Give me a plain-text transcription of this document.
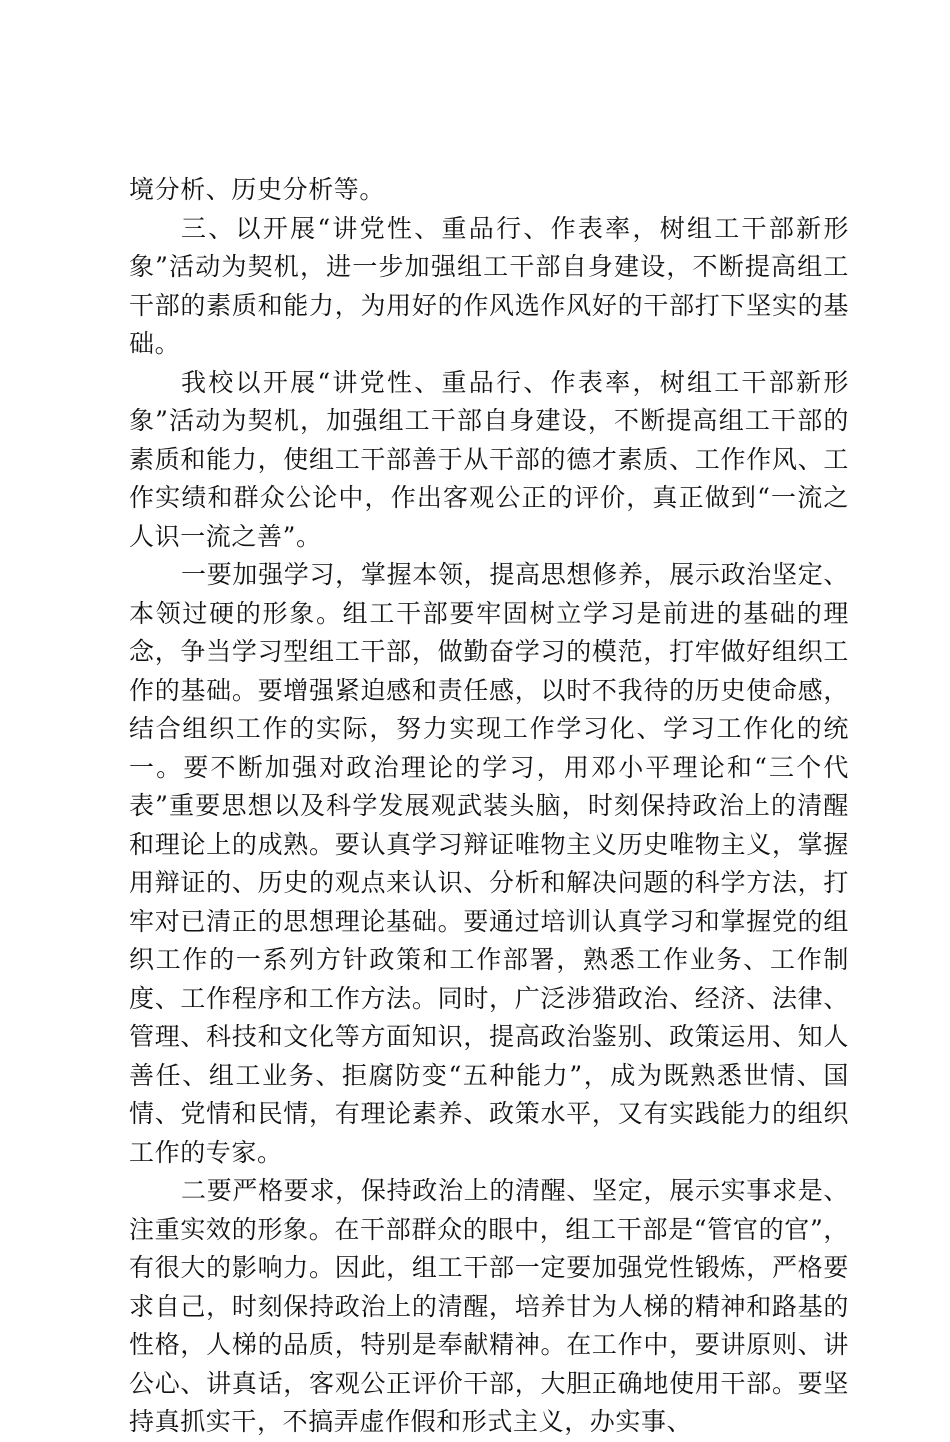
境分析、历史分析等。

三、以开展“讲党性、重品行、作表率，树组工干部新形象”活动为契机，进一步加强组工干部自身建设，不断提高组工干部的素质和能力，为用好的作风选作风好的干部打下坚实的基础。

我校以开展“讲党性、重品行、作表率，树组工干部新形象”活动为契机，加强组工干部自身建设，不断提高组工干部的素质和能力，使组工干部善于从干部的德才素质、工作作风、工作实绩和群众公论中，作出客观公正的评价，真正做到“一流之人识一流之善”。

一要加强学习，掌握本领，提高思想修养，展示政治坚定、本领过硬的形象。组工干部要牢固树立学习是前进的基础的理念，争当学习型组工干部，做勤奋学习的模范，打牢做好组织工作的基础。要增强紧迫感和责任感，以时不我待的历史使命感，结合组织工作的实际，努力实现工作学习化、学习工作化的统一。要不断加强对政治理论的学习，用邓小平理论和“三个代表”重要思想以及科学发展观武装头脑，时刻保持政治上的清醒和理论上的成熟。要认真学习辩证唯物主义历史唯物主义，掌握用辩证的、历史的观点来认识、分析和解决问题的科学方法，打牢对已清正的思想理论基础。要通过培训认真学习和掌握党的组织工作的一系列方针政策和工作部署，熟悉工作业务、工作制度、工作程序和工作方法。同时，广泛涉猎政治、经济、法律、管理、科技和文化等方面知识，提高政治鉴别、政策运用、知人善任、组工业务、拒腐防变“五种能力”，成为既熟悉世情、国情、党情和民情，有理论素养、政策水平，又有实践能力的组织工作的专家。

二要严格要求，保持政治上的清醒、坚定，展示实事求是、注重实效的形象。在干部群众的眼中，组工干部是“管官的官”，有很大的影响力。因此，组工干部一定要加强党性锻炼，严格要求自己，时刻保持政治上的清醒，培养甘为人梯的精神和路基的性格，人梯的品质，特别是奉献精神。在工作中，要讲原则、讲公心、讲真话，客观公正评价干部，大胆正确地使用干部。要坚持真抓实干，不搞弄虚作假和形式主义，办实事、
